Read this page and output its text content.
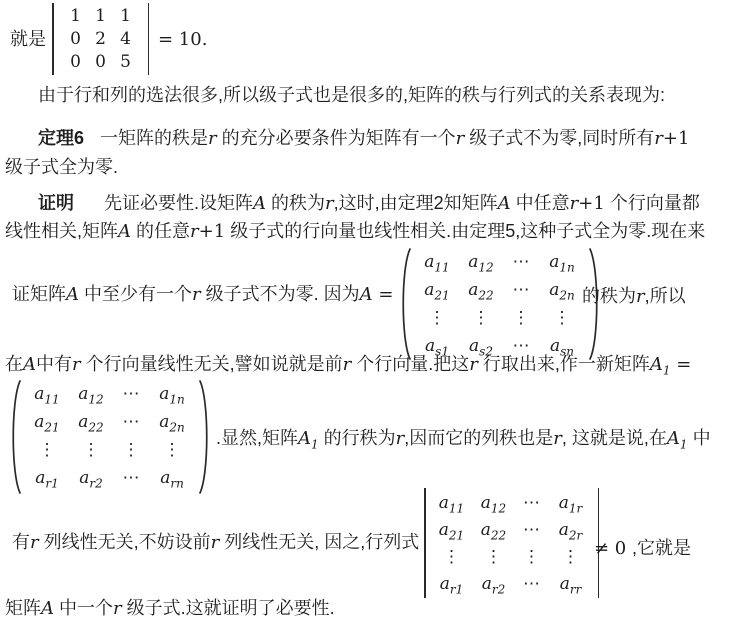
就是
1 1 1
0 2 4
0 0 5
= 10.
由于行和列的选法很多,所以级子式也是很多的,矩阵的秩与行列式的关系表现为:
定理6 一矩阵的秩是r 的充分必要条件为矩阵有一个r 级子式不为零,同时所有r+1
级子式全为零.
证明 先证必要性.设矩阵A 的秩为r,这时,由定理2知矩阵A 中任意r+1 个行向量都
线性相关,矩阵A 的任意r+1 级子式的行向量也线性相关.由定理5,这种子式全为零.现在来
证矩阵A 中至少有一个r 级子式不为零. 因为A =
$a_{11}$ $a_{12}$ ⋯ $a_{1n}$
$a_{21}$ $a_{22}$ ⋯ $a_{2n}$
⋮ ⋮ ⋮ ⋮
$a_{s1}$ $a_{s2}$ ⋯ $a_{sn}$
的秩为r,所以
在A中有r 个行向量线性无关,譬如说就是前r 个行向量.把这r 行取出来,作一新矩阵$A_1$ =
$a_{11}$ $a_{12}$ ⋯ $a_{1n}$
$a_{21}$ $a_{22}$ ⋯ $a_{2n}$
⋮ ⋮ ⋮ ⋮
$a_{r1}$ $a_{r2}$ ⋯ $a_{rn}$
.显然,矩阵$A_1$ 的行秩为r,因而它的列秩也是r, 这就是说,在$A_1$ 中
有r 列线性无关,不妨设前r 列线性无关, 因之,行列式
$a_{11}$ $a_{12}$ ⋯ $a_{1r}$
$a_{21}$ $a_{22}$ ⋯ $a_{2r}$
⋮ ⋮ ⋮ ⋮
$a_{r1}$ $a_{r2}$ ⋯ $a_{rr}$
≠ 0 ,它就是
矩阵A 中一个r 级子式.这就证明了必要性.
